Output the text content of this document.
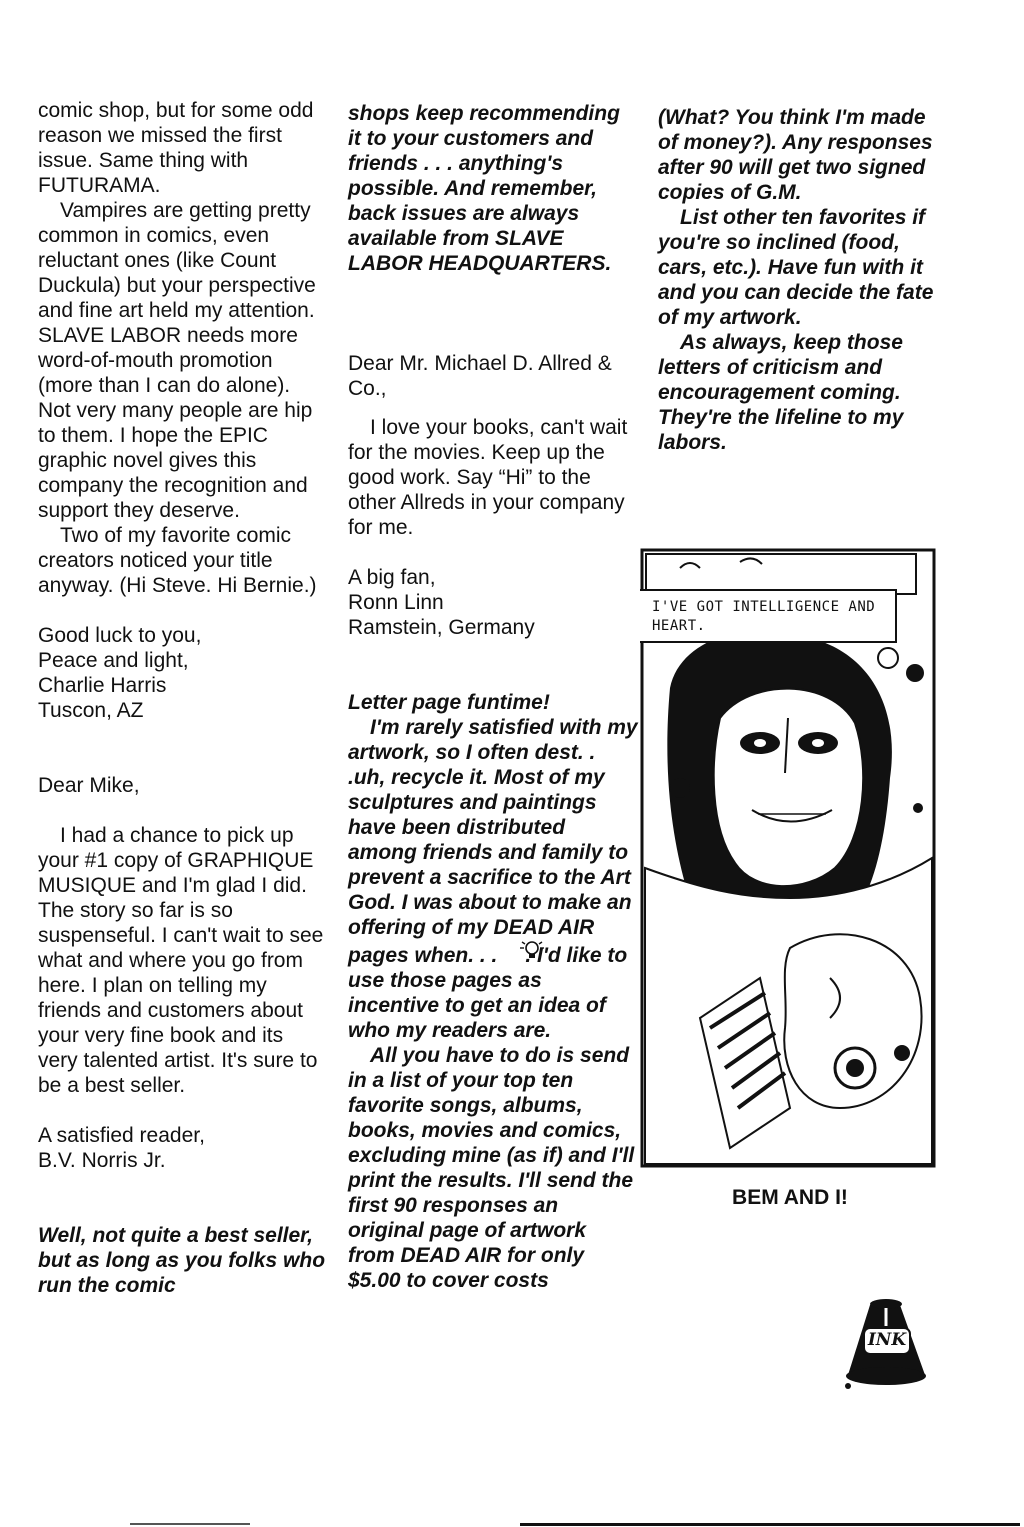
comic shop, but for some odd reason we missed the first issue. Same thing with FUTURAMA.

Vampires are getting pretty common in comics, even reluctant ones (like Count Duckula) but your perspective and fine art held my attention. SLAVE LABOR needs more word-of-mouth promotion (more than I can do alone). Not very many people are hip to them. I hope the EPIC graphic novel gives this company the recognition and support they deserve.

Two of my favorite comic creators noticed your title anyway. (Hi Steve. Hi Bernie.)

Good luck to you,

Peace and light,

Charlie Harris

Tuscon, AZ

Dear Mike,

I had a chance to pick up your #1 copy of GRAPHIQUE MUSIQUE and I'm glad I did. The story so far is so suspenseful. I can't wait to see what and where you go from here. I plan on telling my friends and customers about your very fine book and its very talented artist. It's sure to be a best seller.

A satisfied reader,

B.V. Norris Jr.

Well, not quite a best seller, but as long as you folks who run the comic

shops keep recommending it to your customers and friends . . . anything's possible. And remember, back issues are always available from SLAVE LABOR HEADQUARTERS.

Dear Mr. Michael D. Allred & Co.,

I love your books, can't wait for the movies. Keep up the good work. Say “Hi” to the other Allreds in your company for me.

A big fan,

Ronn Linn

Ramstein, Germany

Letter page funtime!

I'm rarely satisfied with my artwork, so I often dest. . .uh, recycle it. Most of my sculptures and paintings have been distributed among friends and family to prevent a sacrifice to the Art God. I was about to make an offering of my DEAD AIR pages when. . . . I'd like to use those pages as incentive to get an idea of who my readers are.

All you have to do is send in a list of your top ten favorite songs, albums, books, movies and comics, excluding mine (as if) and I'll print the results. I'll send the first 90 responses an original page of artwork from DEAD AIR for only $5.00 to cover costs

(What? You think I'm made of money?). Any responses after 90 will get two signed copies of G.M.

List other ten favorites if you're so inclined (food, cars, etc.). Have fun with it and you can decide the fate of my artwork.

As always, keep those letters of criticism and encouragement coming. They're the lifeline to my labors.

I'VE GOT INTELLIGENCE AND HEART.
BEM AND I!
INK
